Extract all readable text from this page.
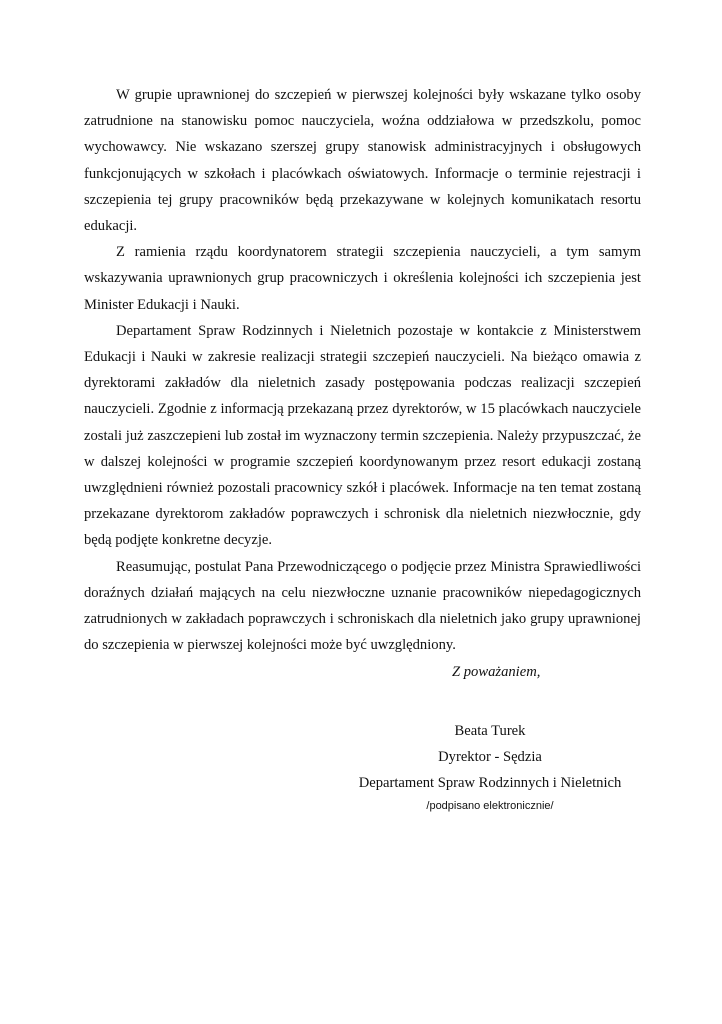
W grupie uprawnionej do szczepień w pierwszej kolejności były wskazane tylko osoby zatrudnione na stanowisku pomoc nauczyciela, woźna oddziałowa w przedszkolu, pomoc wychowawcy. Nie wskazano szerszej grupy stanowisk administracyjnych i obsługowych funkcjonujących w szkołach i placówkach oświatowych. Informacje o terminie rejestracji i szczepienia tej grupy pracowników będą przekazywane w kolejnych komunikatach resortu edukacji.

Z ramienia rządu koordynatorem strategii szczepienia nauczycieli, a tym samym wskazywania uprawnionych grup pracowniczych i określenia kolejności ich szczepienia jest Minister Edukacji i Nauki.

Departament Spraw Rodzinnych i Nieletnich pozostaje w kontakcie z Ministerstwem Edukacji i Nauki w zakresie realizacji strategii szczepień nauczycieli. Na bieżąco omawia z dyrektorami zakładów dla nieletnich zasady postępowania podczas realizacji szczepień nauczycieli. Zgodnie z informacją przekazaną przez dyrektorów, w 15 placówkach nauczyciele zostali już zaszczepieni lub został im wyznaczony termin szczepienia. Należy przypuszczać, że w dalszej kolejności w programie szczepień koordynowanym przez resort edukacji zostaną uwzględnieni również pozostali pracownicy szkół i placówek. Informacje na ten temat zostaną przekazane dyrektorom zakładów poprawczych i schronisk dla nieletnich niezwłocznie, gdy będą podjęte konkretne decyzje.

Reasumując, postulat Pana Przewodniczącego o podjęcie przez Ministra Sprawiedliwości doraźnych działań mających na celu niezwłoczne uznanie pracowników niepedagogicznych zatrudnionych w zakładach poprawczych i schroniskach dla nieletnich jako grupy uprawnionej do szczepienia w pierwszej kolejności może być uwzględniony.

Z poważaniem,
Beata Turek
Dyrektor - Sędzia
Departament Spraw Rodzinnych i Nieletnich
/podpisano elektronicznie/
